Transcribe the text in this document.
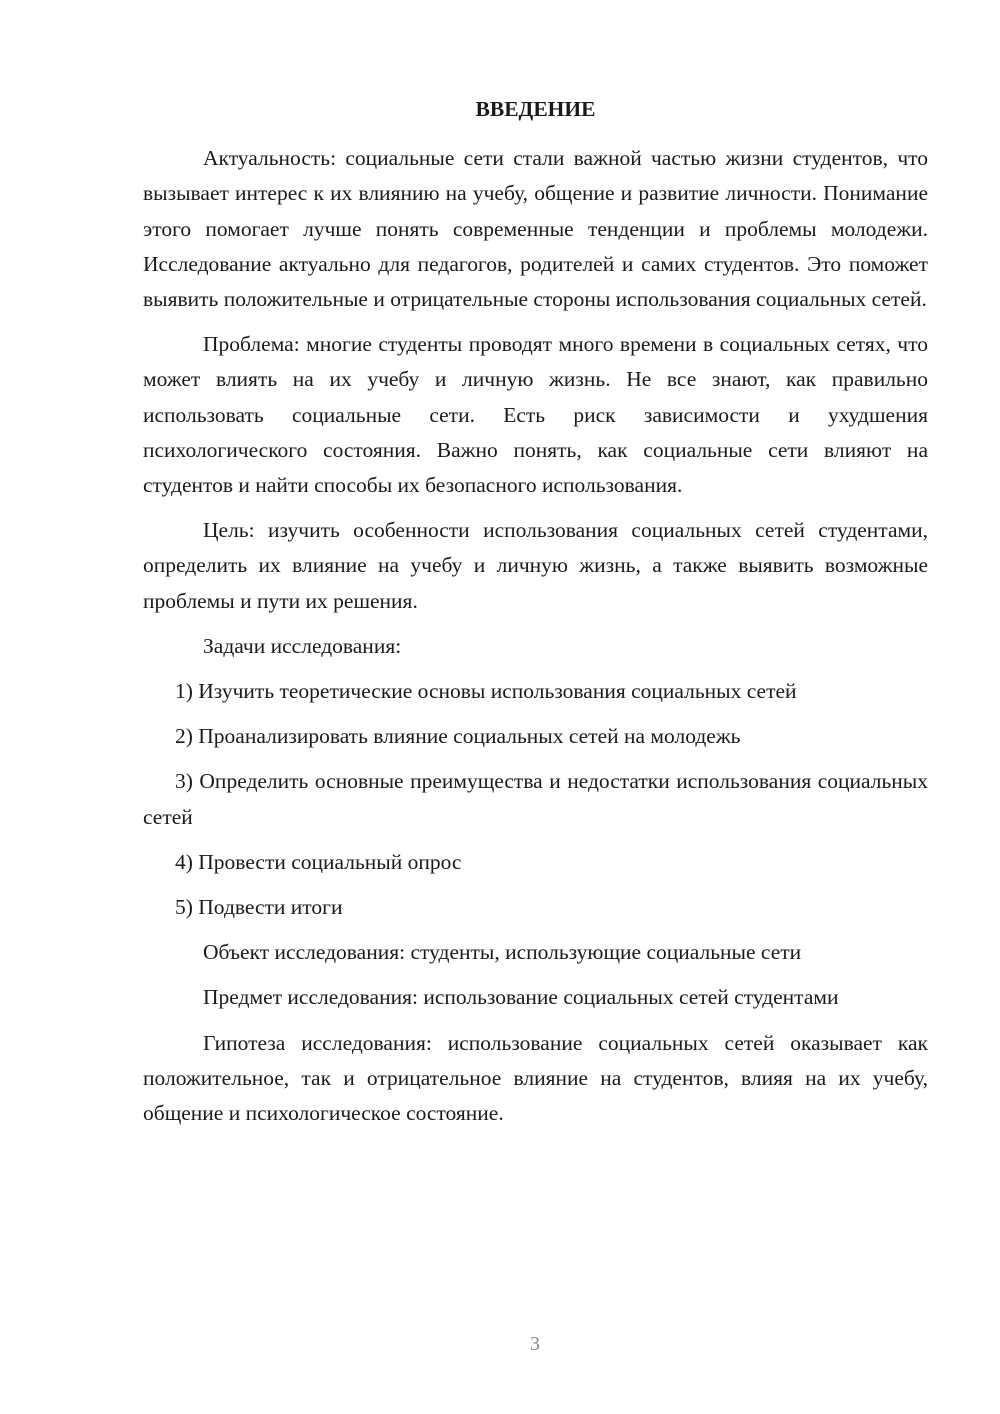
ВВЕДЕНИЕ

Актуальность: социальные сети стали важной частью жизни студентов, что вызывает интерес к их влиянию на учебу, общение и развитие личности. Понимание этого помогает лучше понять современные тенденции и проблемы молодежи. Исследование актуально для педагогов, родителей и самих студентов. Это поможет выявить положительные и отрицательные стороны использования социальных сетей.

Проблема: многие студенты проводят много времени в социальных сетях, что может влиять на их учебу и личную жизнь. Не все знают, как правильно использовать социальные сети. Есть риск зависимости и ухудшения психологического состояния. Важно понять, как социальные сети влияют на студентов и найти способы их безопасного использования.

Цель: изучить особенности использования социальных сетей студентами, определить их влияние на учебу и личную жизнь, а также выявить возможные проблемы и пути их решения.

Задачи исследования:

1) Изучить теоретические основы использования социальных сетей

2) Проанализировать влияние социальных сетей на молодежь

3) Определить основные преимущества и недостатки использования социальных сетей

4) Провести социальный опрос

5) Подвести итоги

Объект исследования: студенты, использующие социальные сети

Предмет исследования: использование социальных сетей студентами

Гипотеза исследования: использование социальных сетей оказывает как положительное, так и отрицательное влияние на студентов, влияя на их учебу, общение и психологическое состояние.

3
